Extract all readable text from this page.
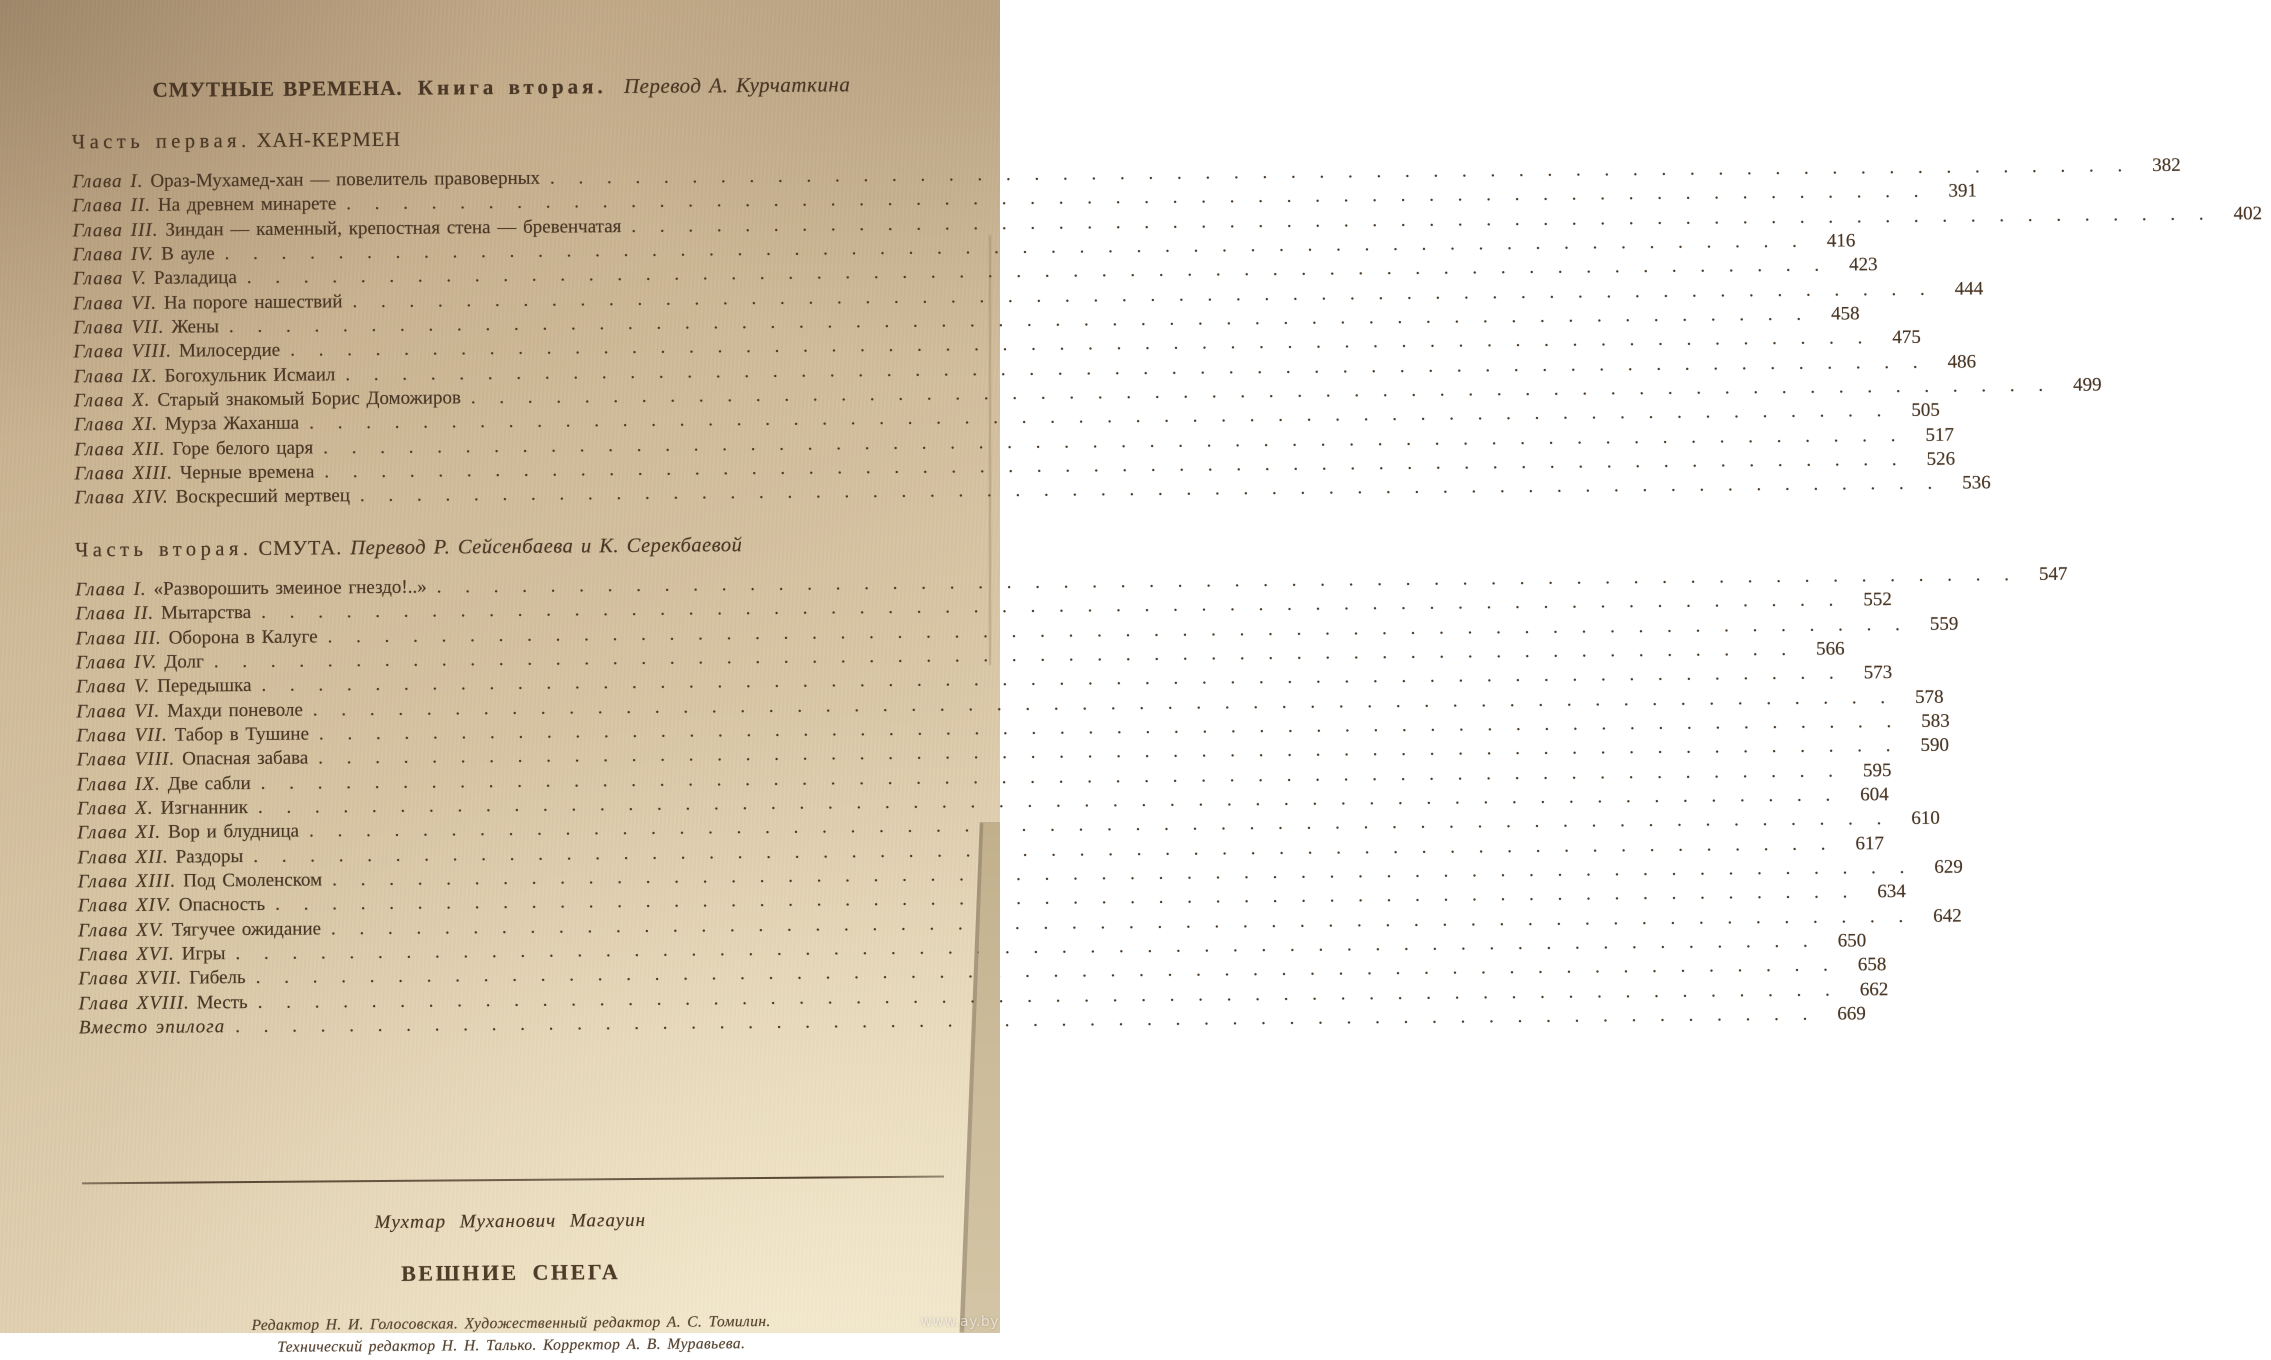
СМУТНЫЕ ВРЕМЕНА. Книга вторая. Перевод А. Курчаткина
Часть первая. ХАН-КЕРМЕН
Глава I. Ораз-Мухамед-хан — повелитель правоверных
. . .
382
Глава II. На древнем минарете
. . .
391
Глава III. Зиндан — каменный, крепостная стена — бревенчатая
. . .
402
Глава IV. В ауле
. . .
416
Глава V. Разладица
. . .
423
Глава VI. На пороге нашествий
. . .
444
Глава VII. Жены
. . .
458
Глава VIII. Милосердие
. . .
475
Глава IX. Богохульник Исмаил
. . .
486
Глава X. Старый знакомый Борис Доможиров
. . .
499
Глава XI. Мурза Жаханша
. . .
505
Глава XII. Горе белого царя
. . .
517
Глава XIII. Черные времена
. . .
526
Глава XIV. Воскресший мертвец
. . .
536
Часть вторая. СМУТА. Перевод Р. Сейсенбаева и К. Серекбаевой
Глава I. «Разворошить змеиное гнездо!..»
. . .
547
Глава II. Мытарства
. . .
552
Глава III. Оборона в Калуге
. . .
559
Глава IV. Долг
. . .
566
Глава V. Передышка
. . .
573
Глава VI. Махди поневоле
. . .
578
Глава VII. Табор в Тушине
. . .
583
Глава VIII. Опасная забава
. . .
590
Глава IX. Две сабли
. . .
595
Глава X. Изгнанник
. . .
604
Глава XI. Вор и блудница
. . .
610
Глава XII. Раздоры
. . .
617
Глава XIII. Под Смоленском
. . .
629
Глава XIV. Опасность
. . .
634
Глава XV. Тягучее ожидание
. . .
642
Глава XVI. Игры
. . .
650
Глава XVII. Гибель
. . .
658
Глава XVIII. Месть
. . .
662
Вместо эпилога
. . .
669
Мухтар Муханович Магауин
ВЕШНИЕ СНЕГА
Редактор Н. И. Голосовская. Художественный редактор А. С. Томилин.
Технический редактор Н. Н. Талько. Корректор А. В. Муравьева.
www.ay.by
